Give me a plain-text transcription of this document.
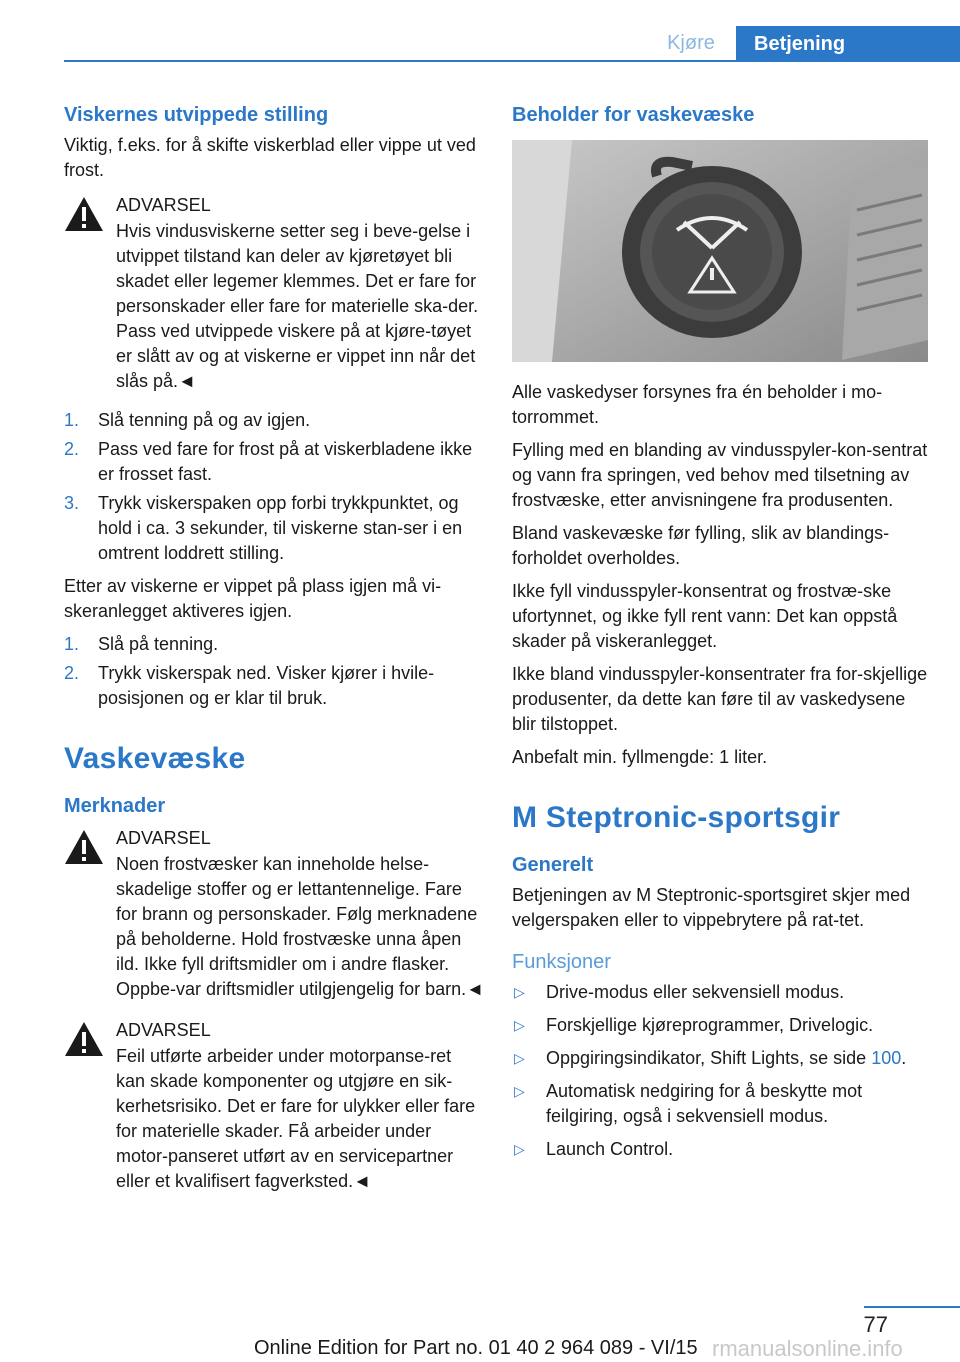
Kjøre	Betjening
Viskernes utvippede stilling

Viktig, f.eks. for å skifte viskerblad eller vippe ut ved frost.

ADVARSEL
Hvis vindusviskerne setter seg i beve-gelse i utvippet tilstand kan deler av kjøretøyet bli skadet eller legemer klemmes. Det er fare for personskader eller fare for materielle ska-der. Pass ved utvippede viskere på at kjøre-tøyet er slått av og at viskerne er vippet inn når det slås på.◄
1. Slå tenning på og av igjen.
2. Pass ved fare for frost på at viskerbladene ikke er frosset fast.
3. Trykk viskerspaken opp forbi trykkpunktet, og hold i ca. 3 sekunder, til viskerne stan-ser i en omtrent loddrett stilling.

Etter av viskerne er vippet på plass igjen må vi-skeranlegget aktiveres igjen.

1. Slå på tenning.
2. Trykk viskerspak ned. Visker kjører i hvile-posisjonen og er klar til bruk.
Vaskevæske
Merknader
ADVARSEL
Noen frostvæsker kan inneholde helse-skadelige stoffer og er lettantennelige. Fare for brann og personskader. Følg merknadene på beholderne. Hold frostvæske unna åpen ild. Ikke fyll driftsmidler om i andre flasker. Oppbe-var driftsmidler utilgjengelig for barn.◄
ADVARSEL
Feil utførte arbeider under motorpanse-ret kan skade komponenter og utgjøre en sik-kerhetsrisiko. Det er fare for ulykker eller fare for materielle skader. Få arbeider under motor-panseret utført av en servicepartner eller et kvalifisert fagverksted.◄
Beholder for vaskevæske

Alle vaskedyser forsynes fra én beholder i mo-torrommet.

Fylling med en blanding av vindusspyler-kon-sentrat og vann fra springen, ved behov med tilsetning av frostvæske, etter anvisningene fra produsenten.

Bland vaskevæske før fylling, slik av blandings-forholdet overholdes.

Ikke fyll vindusspyler-konsentrat og frostvæ-ske ufortynnet, og ikke fyll rent vann: Det kan oppstå skader på viskeranlegget.

Ikke bland vindusspyler-konsentrater fra for-skjellige produsenter, da dette kan føre til av vaskedysene blir tilstoppet.

Anbefalt min. fyllmengde: 1 liter.

M Steptronic-sportsgir
Generelt

Betjeningen av M Steptronic-sportsgiret skjer med velgerspaken eller to vippebrytere på rat-tet.

Funksjoner
▷ Drive-modus eller sekvensiell modus.
▷ Forskjellige kjøreprogrammer, Drivelogic.
▷ Oppgiringsindikator, Shift Lights, se side 100.
▷ Automatisk nedgiring for å beskytte mot feilgiring, også i sekvensiell modus.
▷ Launch Control.
77
Online Edition for Part no. 01 40 2 964 089 - VI/15 rmanualsonline.info
